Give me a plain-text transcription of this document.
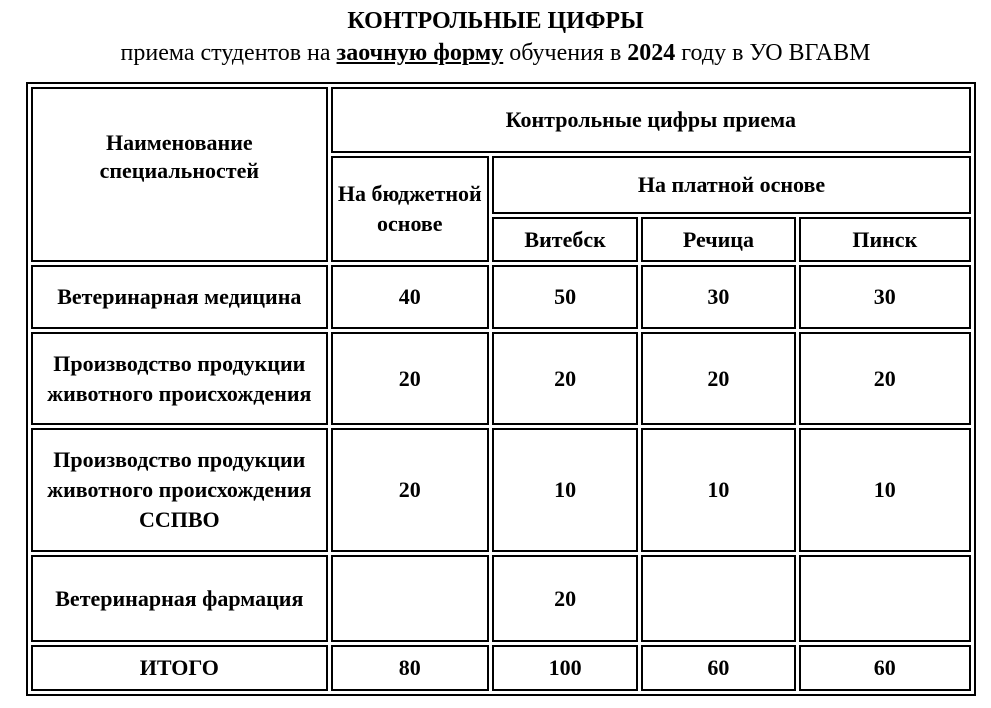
КОНТРОЛЬНЫЕ ЦИФРЫ
приема студентов на заочную форму обучения в 2024 году в УО ВГАВМ
Наименование специальностей	Контрольные цифры приема			
	На бюджетной основе	На платной основе		
		Витебск	Речица	Пинск
Ветеринарная медицина	40	50	30	30
Производство продукции животного происхождения	20	20	20	20
Производство продукции животного происхождения ССПВО	20	10	10	10
Ветеринарная фармация		20		
ИТОГО	80	100	60	60
